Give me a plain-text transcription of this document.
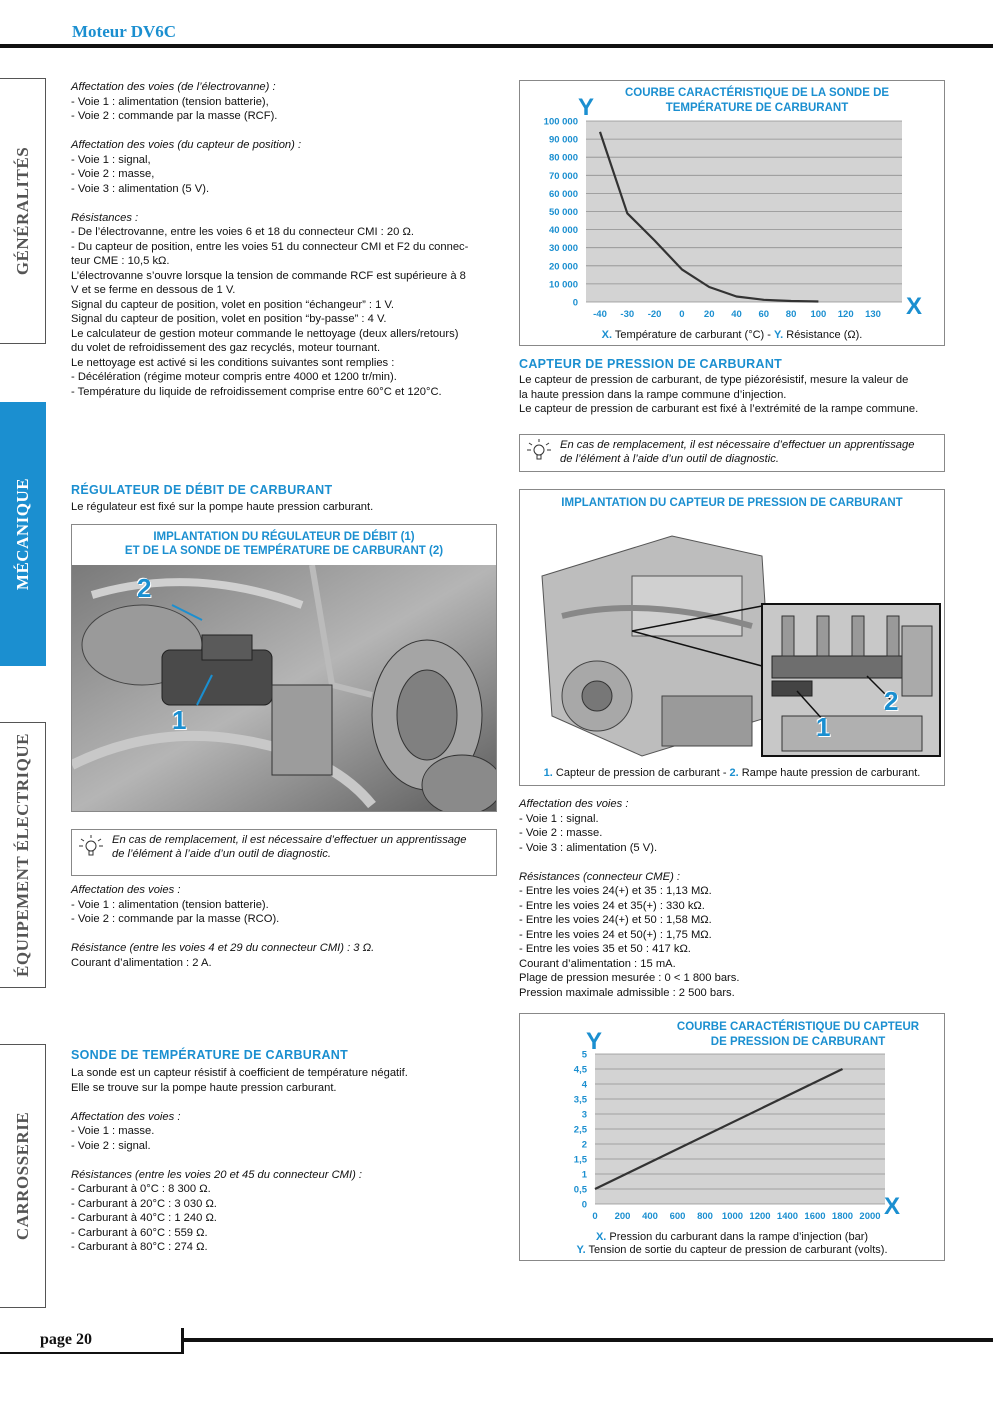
Moteur DV6C
GÉNÉRALITÉS
MÉCANIQUE
ÉQUIPEMENT ÉLECTRIQUE
CARROSSERIE

Affectation des voies (de l’électrovanne) :

- Voie 1 : alimentation (tension batterie),

- Voie 2 : commande par la masse (RCF).

Affectation des voies (du capteur de position) :

- Voie 1 : signal,

- Voie 2 : masse,

- Voie 3 : alimentation (5 V).

Résistances :

- De l’électrovanne, entre les voies 6 et 18 du connecteur CMI : 20 Ω.

- Du capteur de position, entre les voies 51 du connecteur CMI et F2 du connec-

teur CME : 10,5 kΩ.

L’électrovanne s’ouvre lorsque la tension de commande RCF est supérieure à 8

V et se ferme en dessous de 1 V.

Signal du capteur de position, volet en position “échangeur” : 1 V.

Signal du capteur de position, volet en position “by-passe” : 4 V.

Le calculateur de gestion moteur commande le nettoyage (deux allers/retours)

du volet de refroidissement des gaz recyclés, moteur tournant.

Le nettoyage est activé si les conditions suivantes sont remplies :

- Décélération (régime moteur compris entre 4000 et 1200 tr/min).

- Température du liquide de refroidissement comprise entre 60°C et 120°C.

RÉGULATEUR DE DÉBIT DE CARBURANT
Le régulateur est fixé sur la pompe haute pression carburant.
IMPLANTATION DU RÉGULATEUR DE DÉBIT (1)
ET DE LA SONDE DE TEMPÉRATURE DE CARBURANT (2)
2
1
En cas de remplacement, il est nécessaire d’effectuer un apprentissage
de l’élément à l’aide d’un outil de diagnostic.

Affectation des voies :

- Voie 1 : alimentation (tension batterie).

- Voie 2 : commande par la masse (RCO).

Résistance (entre les voies 4 et 29 du connecteur CMI) : 3 Ω.

Courant d’alimentation : 2 A.

SONDE DE TEMPÉRATURE DE CARBURANT

La sonde est un capteur résistif à coefficient de température négatif.

Elle se trouve sur la pompe haute pression carburant.

Affectation des voies :

- Voie 1 : masse.

- Voie 2 : signal.

Résistances (entre les voies 20 et 45 du connecteur CMI) :

- Carburant à 0°C : 8 300 Ω.

- Carburant à 20°C : 3 030 Ω.

- Carburant à 40°C : 1 240 Ω.

- Carburant à 60°C : 559 Ω.

- Carburant à 80°C : 274 Ω.

COURBE CARACTÉRISTIQUE DE LA SONDE DE
TEMPÉRATURE DE CARBURANT
0
10 000
20 000
30 000
40 000
50 000
60 000
70 000
80 000
90 000
100 000
-40 -30 -20 0 20 40 60 80 100 120 130
Y
X
X. Température de carburant (°C) - Y. Résistance (Ω).
CAPTEUR DE PRESSION DE CARBURANT

Le capteur de pression de carburant, de type piézorésistif, mesure la valeur de

la haute pression dans la rampe commune d’injection.

Le capteur de pression de carburant est fixé à l’extrémité de la rampe commune.

En cas de remplacement, il est nécessaire d’effectuer un apprentissage
de l’élément à l’aide d’un outil de diagnostic.
IMPLANTATION DU CAPTEUR DE PRESSION DE CARBURANT
1
2
1. Capteur de pression de carburant - 2. Rampe haute pression de carburant.

Affectation des voies :

- Voie 1 : signal.

- Voie 2 : masse.

- Voie 3 : alimentation (5 V).

Résistances (connecteur CME) :

- Entre les voies 24(+) et 35 : 1,13 MΩ.

- Entre les voies 24 et 35(+) : 330 kΩ.

- Entre les voies 24(+) et 50 : 1,58 MΩ.

- Entre les voies 24 et 50(+) : 1,75 MΩ.

- Entre les voies 35 et 50 : 417 kΩ.

Courant d’alimentation : 15 mA.

Plage de pression mesurée : 0 < 1 800 bars.

Pression maximale admissible : 2 500 bars.

COURBE CARACTÉRISTIQUE DU CAPTEUR
DE PRESSION DE CARBURANT
0
0,5
1
1,5
2
2,5
3
3,5
4
4,5
5
0 200 400 600 800 1000 1200 1400 1600 1800 2000
Y
X
X. Pression du carburant dans la rampe d’injection (bar)
Y. Tension de sortie du capteur de pression de carburant (volts).
page 20
